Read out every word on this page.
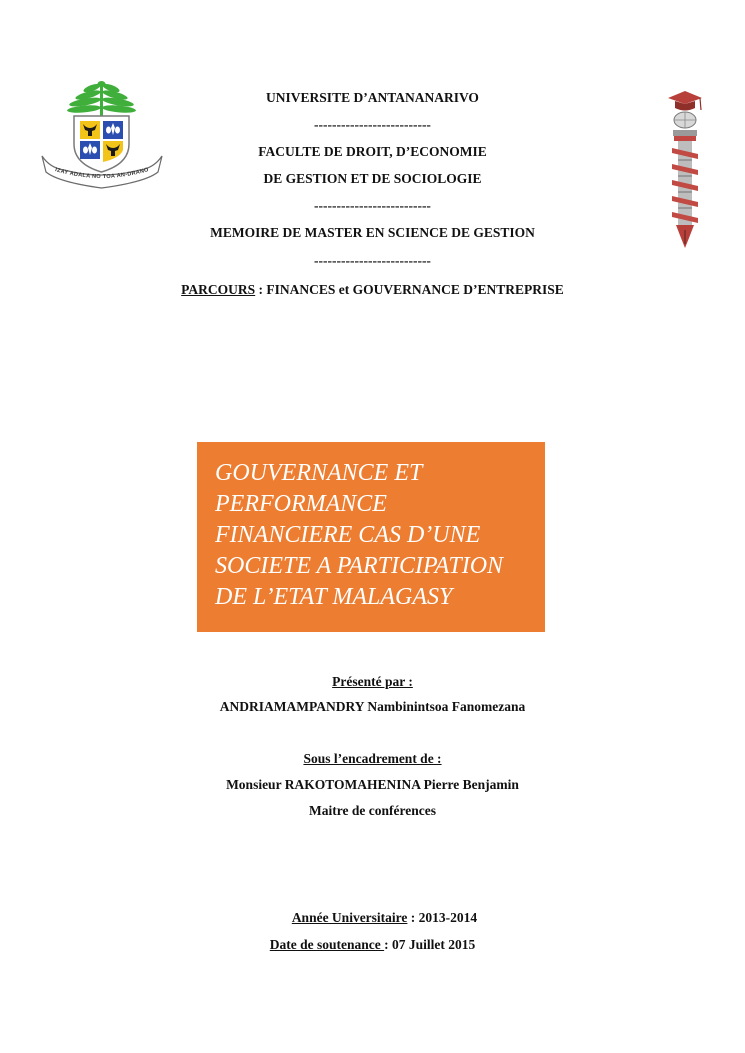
IZAY ADALA NO TOA AN-DRANO
UNIVERSITE D’ANTANANARIVO
--------------------------
FACULTE DE DROIT, D’ECONOMIE
DE GESTION ET DE SOCIOLOGIE
--------------------------
MEMOIRE DE MASTER EN SCIENCE DE GESTION
--------------------------
PARCOURS : FINANCES et GOUVERNANCE D’ENTREPRISE
GOUVERNANCE ET
PERFORMANCE
FINANCIERE CAS D’UNE
SOCIETE A PARTICIPATION
DE L’ETAT MALAGASY
Présenté par :
ANDRIAMAMPANDRY Nambinintsoa Fanomezana
Sous l’encadrement de :
Monsieur RAKOTOMAHENINA Pierre Benjamin
Maitre de conférences
Année Universitaire : 2013-2014
Date de soutenance : 07 Juillet 2015
